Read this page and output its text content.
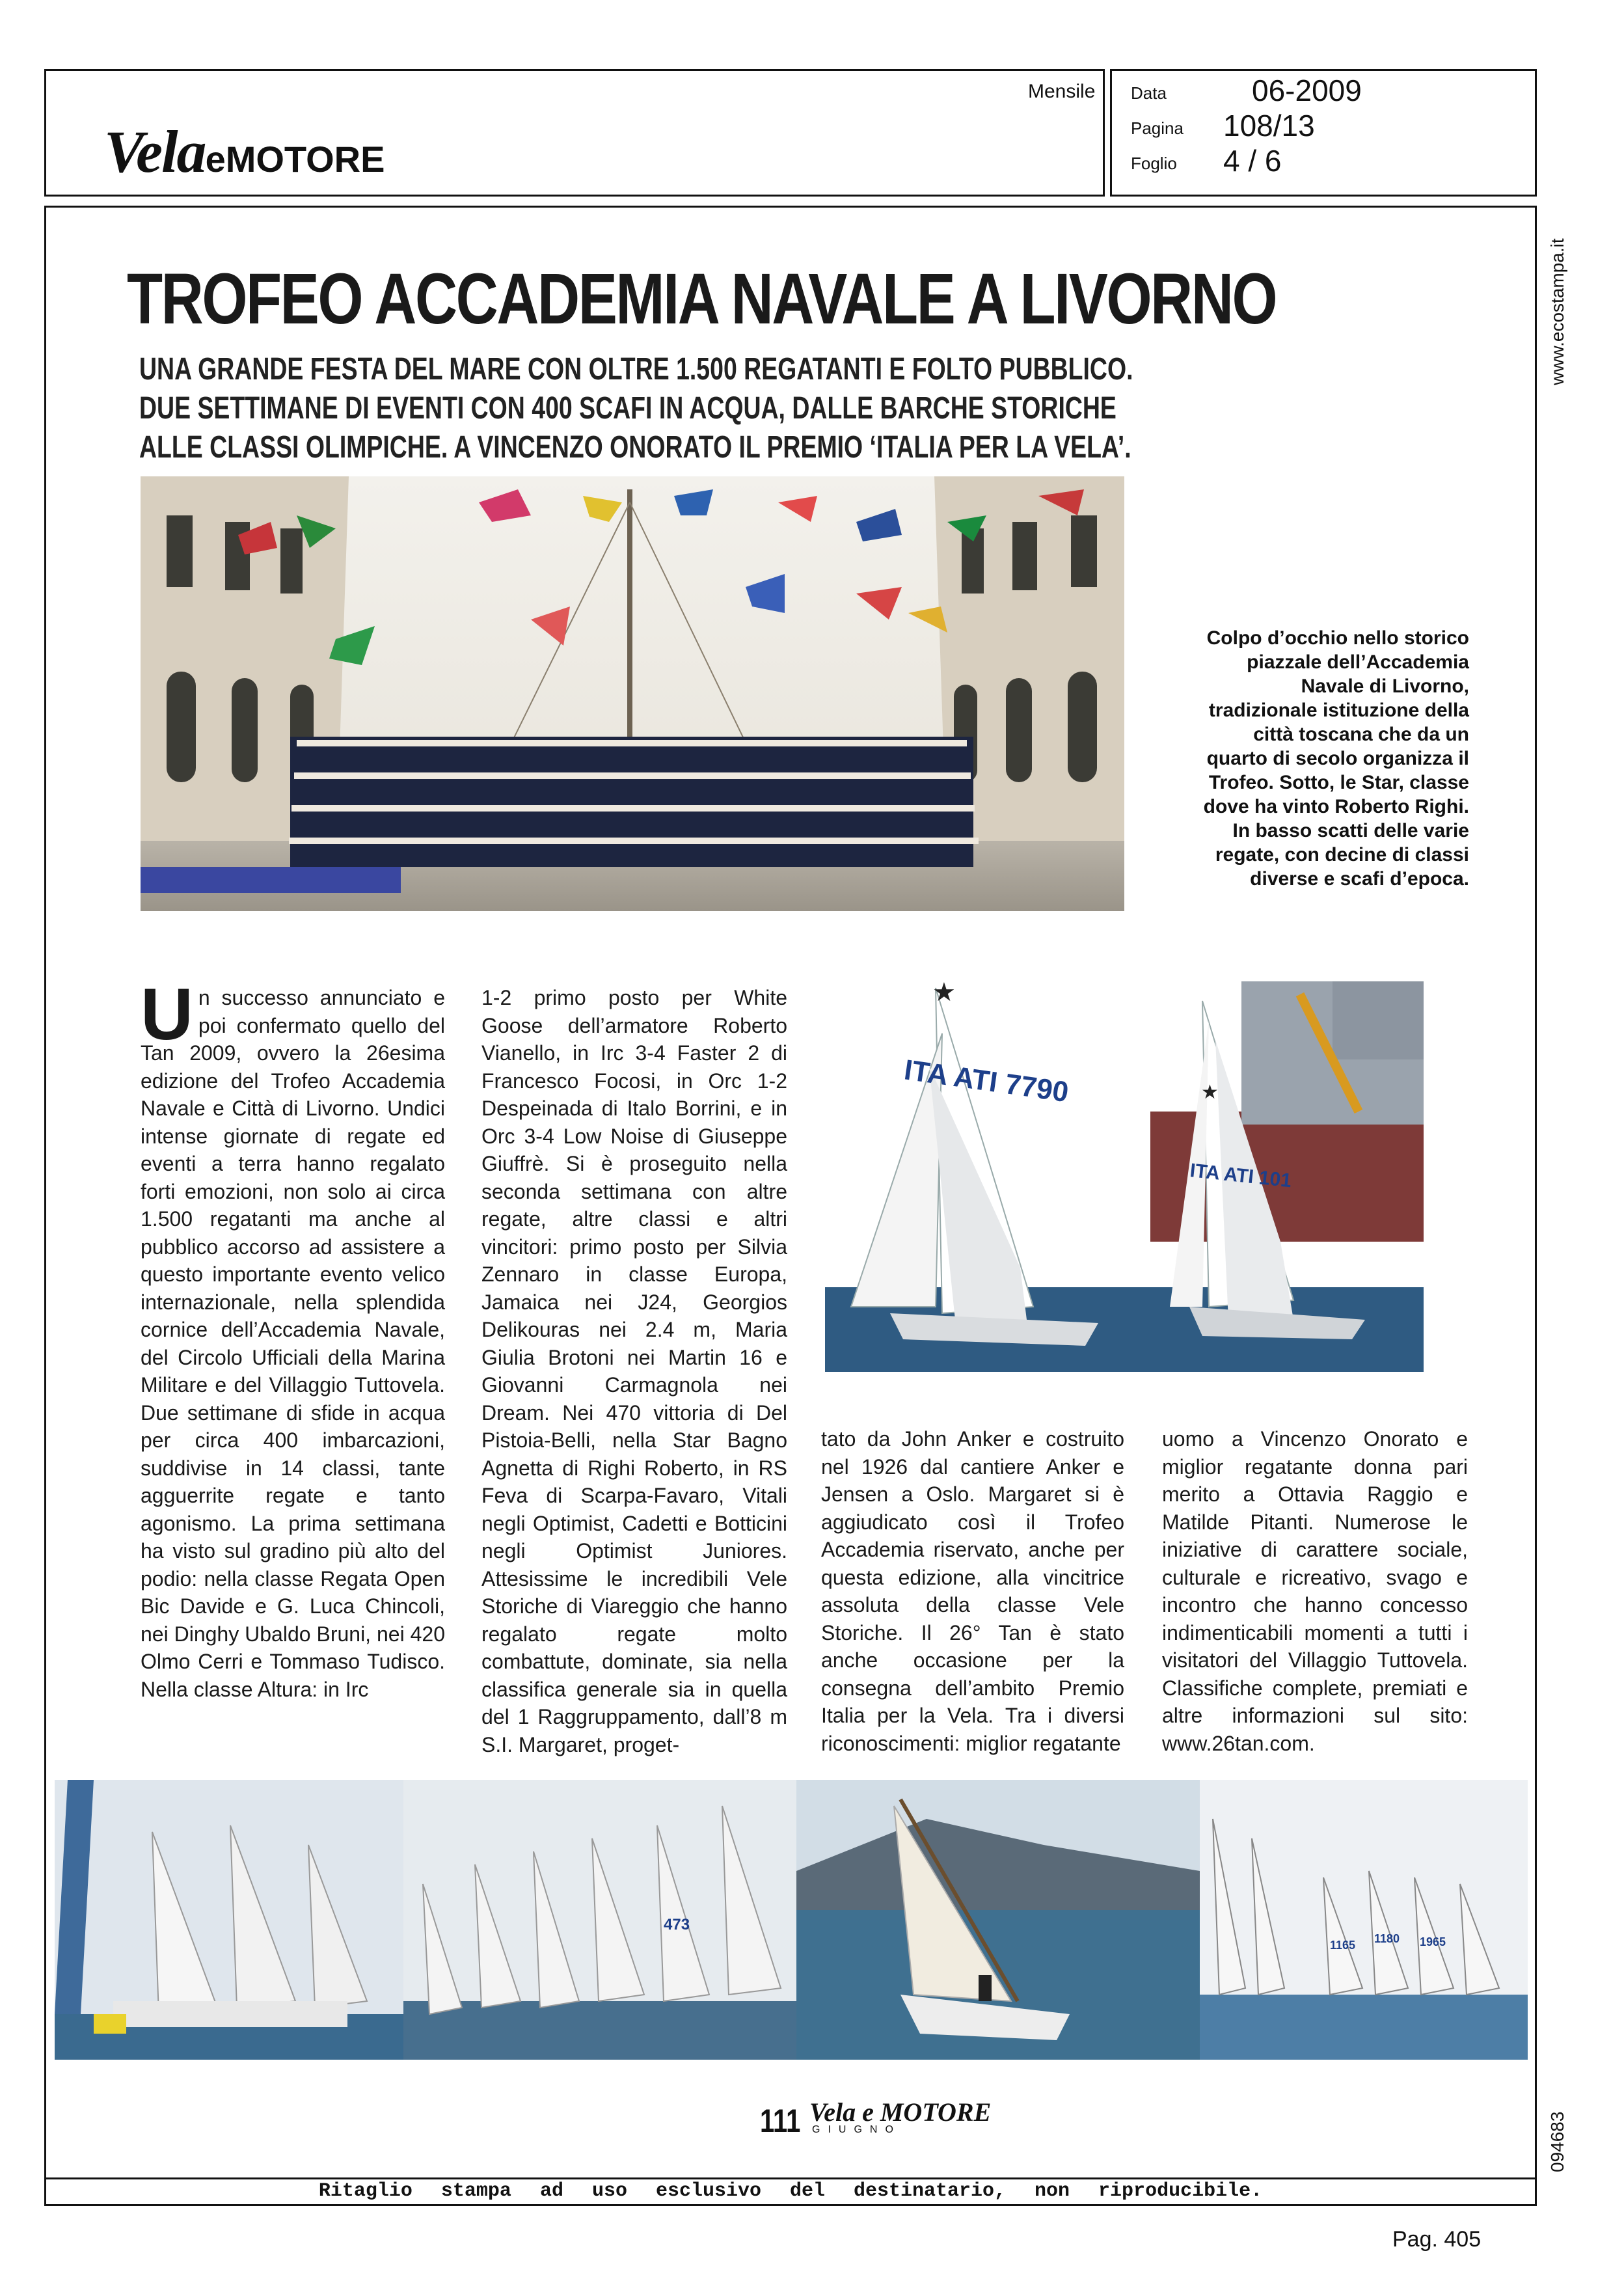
VelaeMOTORE
Mensile Data	06-2009
Pagina 108/13
Foglio 4 / 6
Ritaglio stampa ad uso esclusivo del destinatario, non riproducibile.
Pag. 405
www.ecostampa.it
094683
TROFEO ACCADEMIA NAVALE A LIVORNO
UNA GRANDE FESTA DEL MARE CON OLTRE 1.500 REGATANTI E FOLTO PUBBLICO.
DUE SETTIMANE DI EVENTI CON 400 SCAFI IN ACQUA, DALLE BARCHE STORICHE
ALLE CLASSI OLIMPICHE. A VINCENZO ONORATO IL PREMIO ‘ITALIA PER LA VELA’.
Colpo d’occhio nello storico piazzale dell’Accademia Navale di Livorno, tradizionale istituzione della città toscana che da un quarto di secolo organizza il Trofeo. Sotto, le Star, classe dove ha vinto Roberto Righi. In basso scatti delle varie regate, con decine di classi diverse e scafi d’epoca.
ITA ATI 7790
★
ITA ATI 101
★
Un successo annunciato e poi confermato quello del Tan 2009, ovvero la 26esima edizione del Trofeo Accademia Navale e Città di Livorno. Undici intense giornate di regate ed eventi a terra hanno regalato forti emozioni, non solo ai circa 1.500 regatanti ma anche al pubblico accorso ad assistere a questo importante evento velico internazionale, nella splendida cornice dell’Accademia Navale, del Circolo Ufficiali della Marina Militare e del Villaggio Tuttovela. Due settimane di sfide in acqua per circa 400 imbarcazioni, suddivise in 14 classi, tante agguerrite regate e tanto agonismo. La prima settimana ha visto sul gradino più alto del podio: nella classe Regata Open Bic Davide e G. Luca Chincoli, nei Dinghy Ubaldo Bruni, nei 420 Olmo Cerri e Tommaso Tudisco. Nella classe Altura: in Irc
1-2 primo posto per White Goose dell’armatore Roberto Vianello, in Irc 3-4 Faster 2 di Francesco Focosi, in Orc 1-2 Despeinada di Italo Borrini, e in Orc 3-4 Low Noise di Giuseppe Giuffrè. Si è proseguito nella seconda settimana con altre regate, altre classi e altri vincitori: primo posto per Silvia Zennaro in classe Europa, Jamaica nei J24, Georgios Delikouras nei 2.4 m, Maria Giulia Brotoni nei Martin 16 e Giovanni Carmagnola nei Dream. Nei 470 vittoria di Del Pistoia-Belli, nella Star Bagno Agnetta di Righi Roberto, in RS Feva di Scarpa-Favaro, Vitali negli Optimist, Cadetti e Botticini negli Optimist Juniores. Attesissime le incredibili Vele Storiche di Viareggio che hanno regalato regate molto combattute, dominate, sia nella classifica generale sia in quella del 1 Raggruppamento, dall’8 m S.I. Margaret, proget-
tato da John Anker e costruito nel 1926 dal cantiere Anker e Jensen a Oslo. Margaret si è aggiudicato così il Trofeo Accademia riservato, anche per questa edizione, alla vincitrice assoluta della classe Vele Storiche. Il 26° Tan è stato anche occasione per la consegna dell’ambito Premio Italia per la Vela. Tra i diversi riconoscimenti: miglior regatante
uomo a Vincenzo Onorato e miglior regatante donna pari merito a Ottavia Raggio e Matilde Pitanti. Numerose le iniziative di carattere sociale, culturale e ricreativo, svago e incontro che hanno concesso indimenticabili momenti a tutti i visitatori del Villaggio Tuttovela. Classifiche complete, premiati e altre informazioni sul sito: www.26tan.com.
473
1165 1180 1965
111 Vela e MOTORE
GIUGNO
